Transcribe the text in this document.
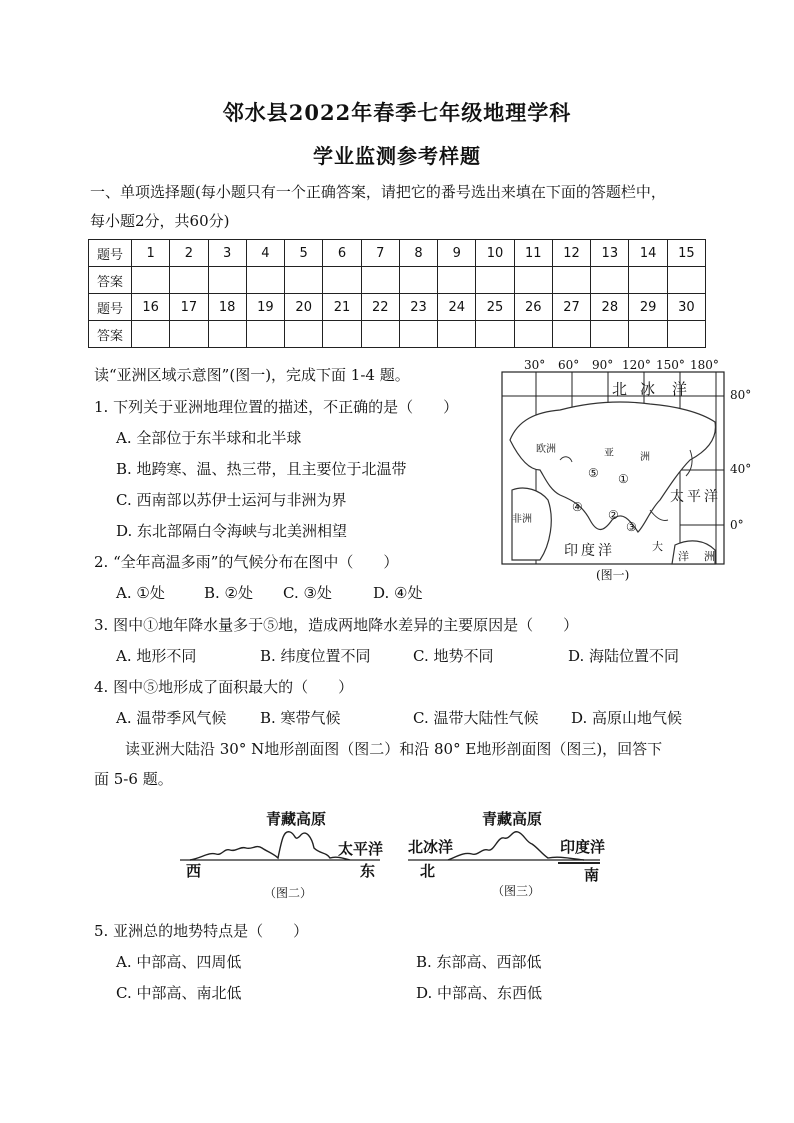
邻水县2022年春季七年级地理学科
学业监测参考样题
一、单项选择题(每小题只有一个正确答案，请把它的番号选出来填在下面的答题栏中，
每小题2分，共60分)
题号	1	2	3	4	5	6	7	8	9	10	11	12	13	14	15
答案															
题号	16	17	18	19	20	21	22	23	24	25	26	27	28	29	30
答案															
读“亚洲区域示意图”(图一)，完成下面 1-4 题。
1. 下列关于亚洲地理位置的描述，不正确的是（　　）
A. 全部位于东半球和北半球
B. 地跨寒、温、热三带，且主要位于北温带
C. 西南部以苏伊士运河与非洲为界
D. 东北部隔白令海峡与北美洲相望
2. “全年高温多雨”的气候分布在图中（　　）
A. ①处	B. ②处 C. ③处	D. ④处
3. 图中①地年降水量多于⑤地，造成两地降水差异的主要原因是（　　）
A. 地形不同	B. 纬度位置不同	C. 地势不同	D. 海陆位置不同
4. 图中⑤地形成了面积最大的（　　）
A. 温带季风气候 B. 寒带气候	C. 温带大陆性气候 D. 高原山地气候
读亚洲大陆沿 30° N地形剖面图（图二）和沿 80° E地形剖面图（图三)，回答下
面 5-6 题。
30° 60° 90° 120° 150° 180°
80°
40°
0°
北 冰 洋
欧洲	亚	洲
非洲
太平洋
印度洋	大
洋 洲
⑤ ①
④
②
③
(图一)
青藏高原
西	东
太平洋
（图二）
青藏高原
北冰洋
北
印度洋
南
（图三）
5. 亚洲总的地势特点是（　　）
A. 中部高、四周低	B. 东部高、西部低
C. 中部高、南北低	D. 中部高、东西低
